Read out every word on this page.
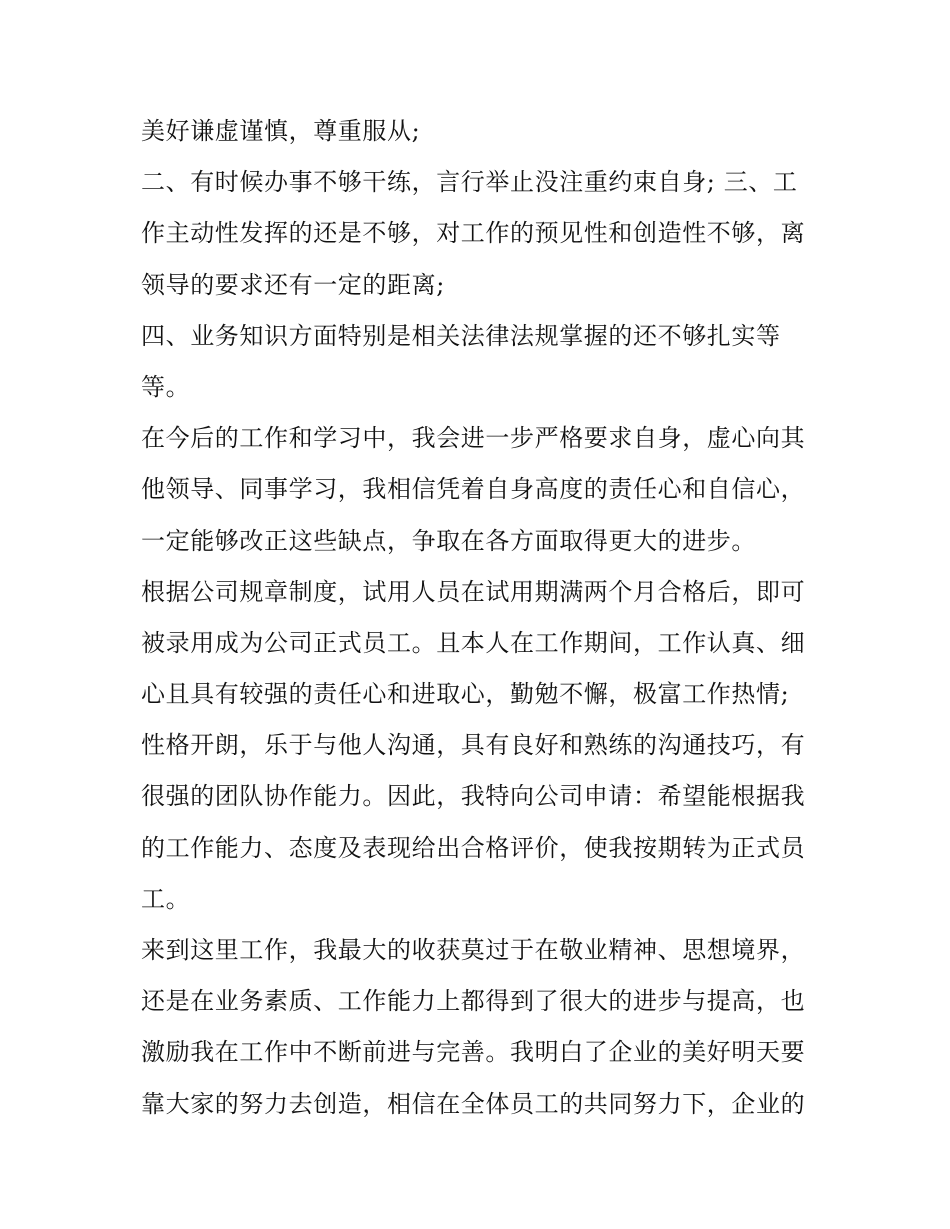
美好谦虚谨慎，尊重服从;
二、有时候办事不够干练，言行举止没注重约束自身; 三、工
作主动性发挥的还是不够，对工作的预见性和创造性不够，离
领导的要求还有一定的距离;
四、业务知识方面特别是相关法律法规掌握的还不够扎实等
等。
在今后的工作和学习中，我会进一步严格要求自身，虚心向其
他领导、同事学习，我相信凭着自身高度的责任心和自信心，
一定能够改正这些缺点，争取在各方面取得更大的进步。
根据公司规章制度，试用人员在试用期满两个月合格后，即可
被录用成为公司正式员工。且本人在工作期间，工作认真、细
心且具有较强的责任心和进取心，勤勉不懈，极富工作热情;
性格开朗，乐于与他人沟通，具有良好和熟练的沟通技巧，有
很强的团队协作能力。因此，我特向公司申请：希望能根据我
的工作能力、态度及表现给出合格评价，使我按期转为正式员
工。
来到这里工作，我最大的收获莫过于在敬业精神、思想境界，
还是在业务素质、工作能力上都得到了很大的进步与提高，也
激励我在工作中不断前进与完善。我明白了企业的美好明天要
靠大家的努力去创造，相信在全体员工的共同努力下，企业的
